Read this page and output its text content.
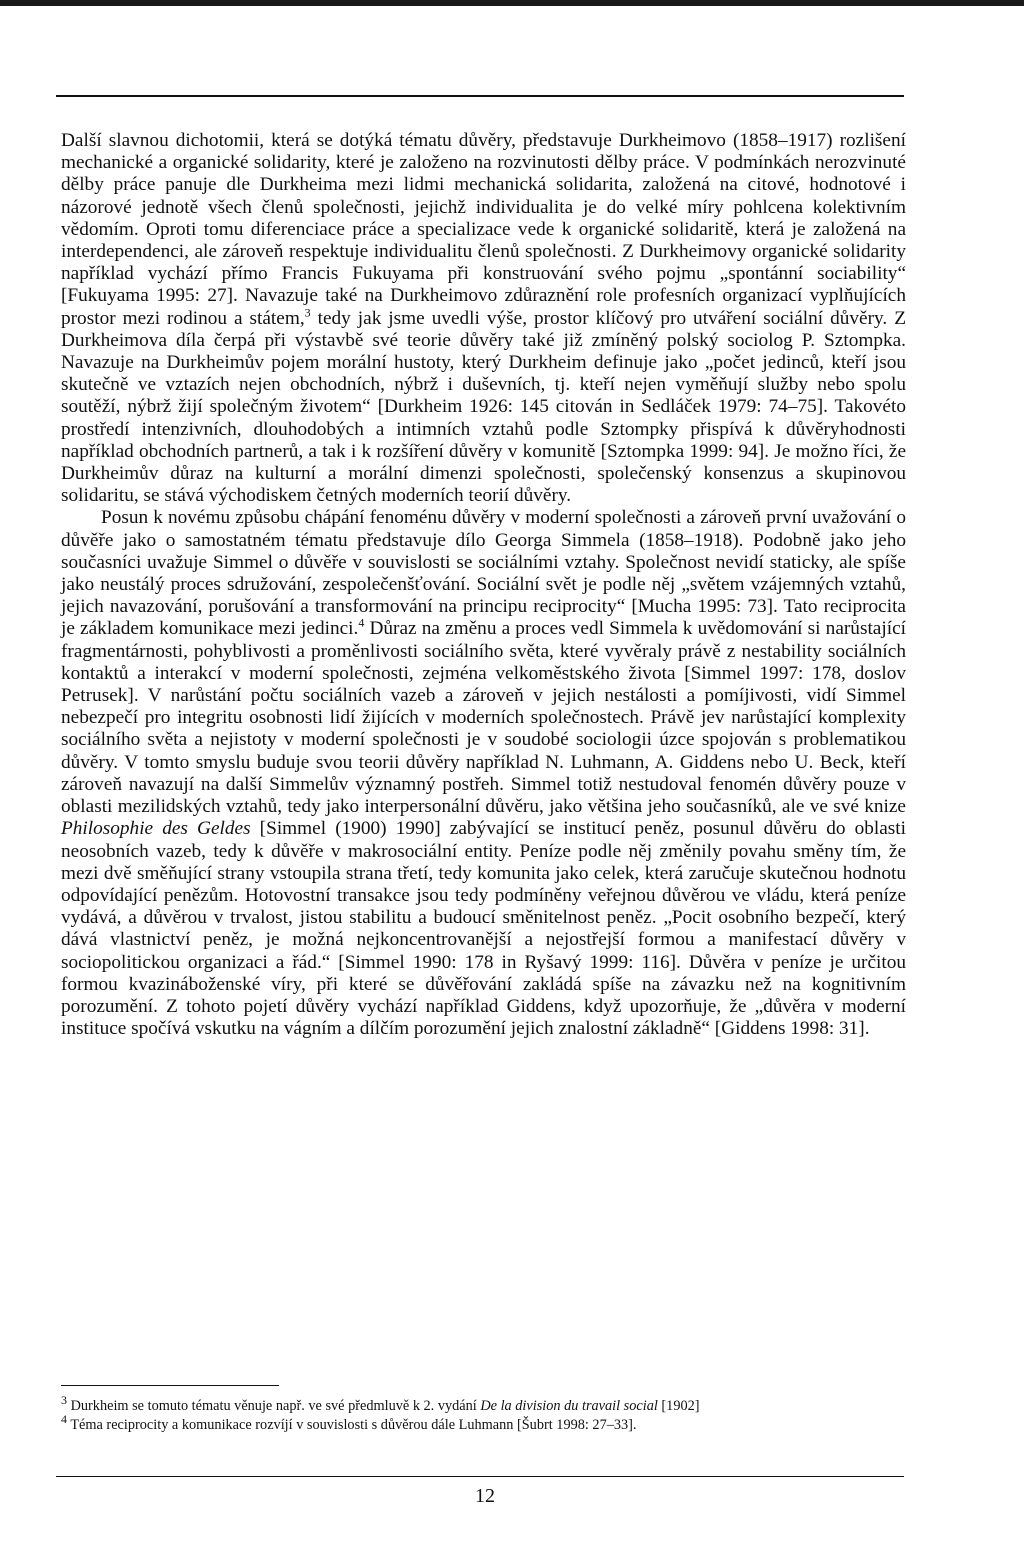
Další slavnou dichotomii, která se dotýká tématu důvěry, představuje Durkheimovo (1858–1917) rozlišení mechanické a organické solidarity, které je založeno na rozvinutosti dělby práce. V podmínkách nerozvinuté dělby práce panuje dle Durkheima mezi lidmi mechanická solidarita, založená na citové, hodnotové i názorové jednotě všech členů společnosti, jejichž individualita je do velké míry pohlcena kolektivním vědomím. Oproti tomu diferenciace práce a specializace vede k organické solidaritě, která je založená na interdependenci, ale zároveň respektuje individualitu členů společnosti. Z Durkheimovy organické solidarity například vychází přímo Francis Fukuyama při konstruování svého pojmu „spontánní sociability“ [Fukuyama 1995: 27]. Navazuje také na Durkheimovo zdůraznění role profesních organizací vyplňujících prostor mezi rodinou a státem,$^3$ tedy jak jsme uvedli výše, prostor klíčový pro utváření sociální důvěry. Z Durkheimova díla čerpá při výstavbě své teorie důvěry také již zmíněný polský sociolog P. Sztompka. Navazuje na Durkheimův pojem morální hustoty, který Durkheim definuje jako „počet jedinců, kteří jsou skutečně ve vztazích nejen obchodních, nýbrž i duševních, tj. kteří nejen vyměňují služby nebo spolu soutěží, nýbrž žijí společným životem“ [Durkheim 1926: 145 citován in Sedláček 1979: 74–75]. Takovéto prostředí intenzivních, dlouhodobých a intimních vztahů podle Sztompky přispívá k důvěryhodnosti například obchodních partnerů, a tak i k rozšíření důvěry v komunitě [Sztompka 1999: 94]. Je možno říci, že Durkheimův důraz na kulturní a morální dimenzi společnosti, společenský konsenzus a skupinovou solidaritu, se stává východiskem četných moderních teorií důvěry.

Posun k novému způsobu chápání fenoménu důvěry v moderní společnosti a zároveň první uvažování o důvěře jako o samostatném tématu představuje dílo Georga Simmela (1858–1918). Podobně jako jeho současníci uvažuje Simmel o důvěře v souvislosti se sociálními vztahy. Společnost nevidí staticky, ale spíše jako neustálý proces sdružování, zespolečenšťování. Sociální svět je podle něj „světem vzájemných vztahů, jejich navazování, porušování a transformování na principu reciprocity“ [Mucha 1995: 73]. Tato reciprocita je základem komunikace mezi jedinci.$^4$ Důraz na změnu a proces vedl Simmela k uvědomování si narůstající fragmentárnosti, pohyblivosti a proměnlivosti sociálního světa, které vyvěraly právě z nestability sociálních kontaktů a interakcí v moderní společnosti, zejména velkoměstského života [Simmel 1997: 178, doslov Petrusek]. V narůstání počtu sociálních vazeb a zároveň v jejich nestálosti a pomíjivosti, vidí Simmel nebezpečí pro integritu osobnosti lidí žijících v moderních společnostech. Právě jev narůstající komplexity sociálního světa a nejistoty v moderní společnosti je v soudobé sociologii úzce spojován s problematikou důvěry. V tomto smyslu buduje svou teorii důvěry například N. Luhmann, A. Giddens nebo U. Beck, kteří zároveň navazují na další Simmelův významný postřeh. Simmel totiž nestudoval fenomén důvěry pouze v oblasti mezilidských vztahů, tedy jako interpersonální důvěru, jako většina jeho současníků, ale ve své knize Philosophie des Geldes [Simmel (1900) 1990] zabývající se institucí peněz, posunul důvěru do oblasti neosobních vazeb, tedy k důvěře v makrosociální entity. Peníze podle něj změnily povahu směny tím, že mezi dvě směňující strany vstoupila strana třetí, tedy komunita jako celek, která zaručuje skutečnou hodnotu odpovídající penězům. Hotovostní transakce jsou tedy podmíněny veřejnou důvěrou ve vládu, která peníze vydává, a důvěrou v trvalost, jistou stabilitu a budoucí směnitelnost peněz. „Pocit osobního bezpečí, který dává vlastnictví peněz, je možná nejkoncentrovanější a nejostřejší formou a manifestací důvěry v sociopolitickou organizaci a řád.“ [Simmel 1990: 178 in Ryšavý 1999: 116]. Důvěra v peníze je určitou formou kvazináboženské víry, při které se důvěřování zakládá spíše na závazku než na kognitivním porozumění. Z tohoto pojetí důvěry vychází například Giddens, když upozorňuje, že „důvěra v moderní instituce spočívá vskutku na vágním a dílčím porozumění jejich znalostní základně“ [Giddens 1998: 31].

$^3$ Durkheim se tomuto tématu věnuje např. ve své předmluvě k 2. vydání De la division du travail social [1902]

$^4$ Téma reciprocity a komunikace rozvíjí v souvislosti s důvěrou dále Luhmann [Šubrt 1998: 27–33].

12
